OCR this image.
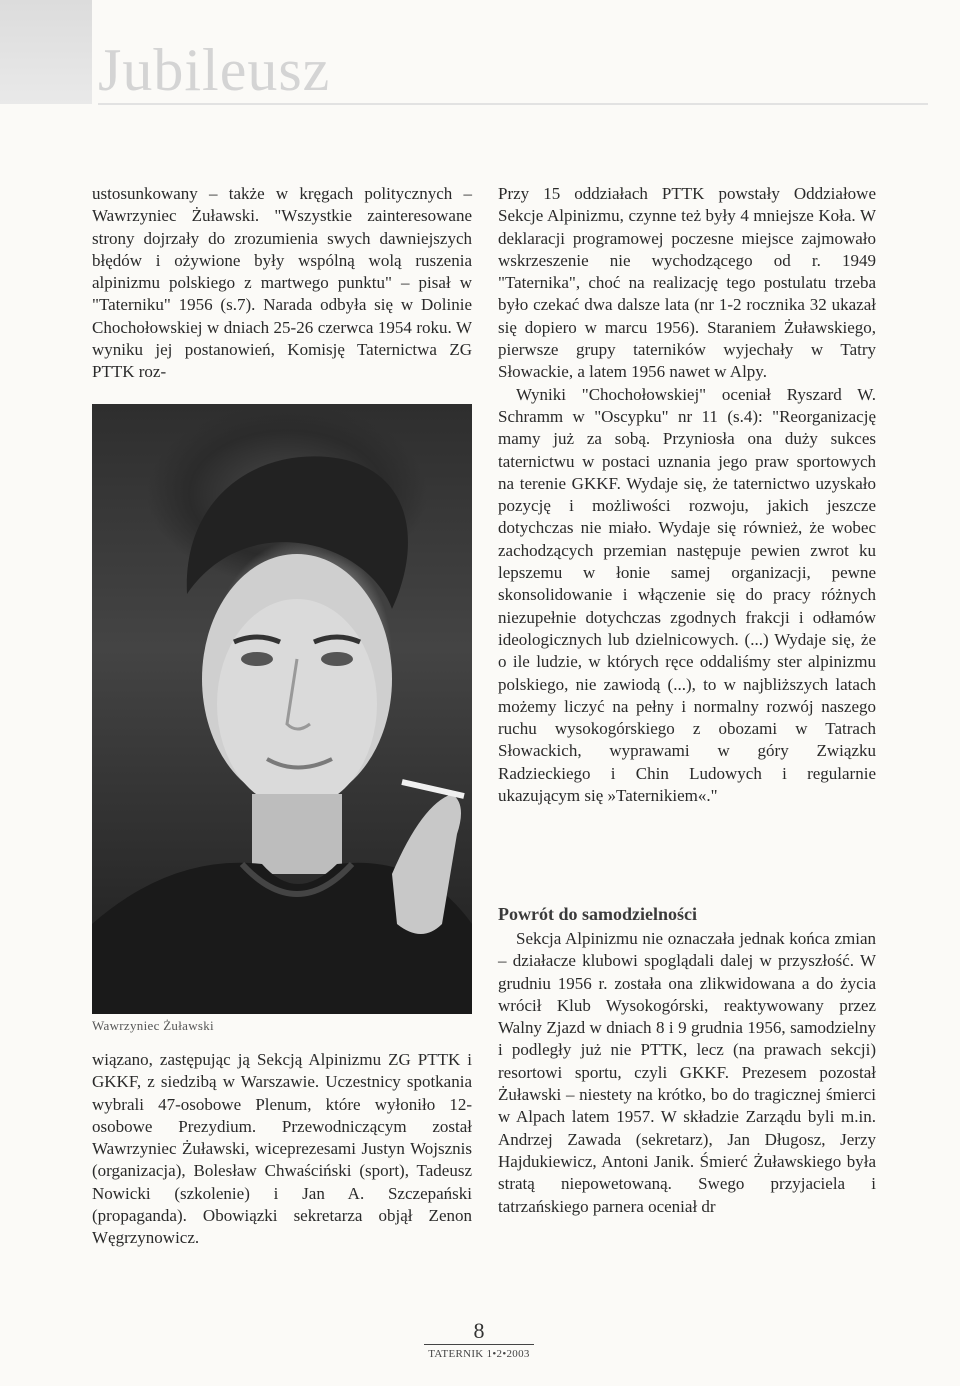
Jubileusz

ustosunkowany – także w kręgach politycznych – Wawrzyniec Żuławski. "Wszystkie zainteresowane strony dojrzały do zrozumienia swych dawniejszych błędów i ożywione były wspólną wolą ruszenia alpinizmu polskiego z martwego punktu" – pisał w "Taterniku" 1956 (s.7). Narada odbyła się w Dolinie Chochołowskiej w dniach 25-26 czerwca 1954 roku. W wyniku jej postanowień, Komisję Taternictwa ZG PTTK roz-

Wawrzyniec Żuławski

wiązano, zastępując ją Sekcją Alpinizmu ZG PTTK i GKKF, z siedzibą w Warszawie. Uczestnicy spotkania wybrali 47-osobowe Plenum, które wyłoniło 12-osobowe Prezydium. Przewodniczącym został Wawrzyniec Żuławski, wiceprezesami Justyn Wojsznis (organizacja), Bolesław Chwaściński (sport), Tadeusz Nowicki (szkolenie) i Jan A. Szczepański (propaganda). Obowiązki sekretarza objął Zenon Węgrzynowicz.

Przy 15 oddziałach PTTK powstały Oddziałowe Sekcje Alpinizmu, czynne też były 4 mniejsze Koła. W deklaracji programowej poczesne miejsce zajmowało wskrzeszenie nie wychodzącego od r. 1949 "Taternika", choć na realizację tego postulatu trzeba było czekać dwa dalsze lata (nr 1-2 rocznika 32 ukazał się dopiero w marcu 1956). Staraniem Żuławskiego, pierwsze grupy taterników wyjechały w Tatry Słowackie, a latem 1956 nawet w Alpy.

Wyniki "Chochołowskiej" oceniał Ryszard W. Schramm w "Oscypku" nr 11 (s.4): "Reorganizację mamy już za sobą. Przyniosła ona duży sukces taternictwu w postaci uznania jego praw sportowych na terenie GKKF. Wydaje się, że taternictwo uzyskało pozycję i możliwości rozwoju, jakich jeszcze dotychczas nie miało. Wydaje się również, że wobec zachodzących przemian następuje pewien zwrot ku lepszemu w łonie samej organizacji, pewne skonsolidowanie i włączenie się do pracy różnych niezupełnie dotychczas zgodnych frakcji i odłamów ideologicznych lub dzielnicowych. (...) Wydaje się, że o ile ludzie, w których ręce oddaliśmy ster alpinizmu polskiego, nie zawiodą (...), to w najbliższych latach możemy liczyć na pełny i normalny rozwój naszego ruchu wysokogórskiego z obozami w Tatrach Słowackich, wyprawami w góry Związku Radzieckiego i Chin Ludowych i regularnie ukazującym się »Taternikiem«."

Powrót do samodzielności

Sekcja Alpinizmu nie oznaczała jednak końca zmian – działacze klubowi spoglądali dalej w przyszłość. W grudniu 1956 r. została ona zlikwidowana a do życia wrócił Klub Wysokogórski, reaktywowany przez Walny Zjazd w dniach 8 i 9 grudnia 1956, samodzielny i podległy już nie PTTK, lecz (na prawach sekcji) resortowi sportu, czyli GKKF. Prezesem pozostał Żuławski – niestety na krótko, bo do tragicznej śmierci w Alpach latem 1957. W składzie Zarządu byli m.in. Andrzej Zawada (sekretarz), Jan Długosz, Jerzy Hajdukiewicz, Antoni Janik. Śmierć Żuławskiego była stratą niepowetowaną. Swego przyjaciela i tatrzańskiego parnera oceniał dr

8
TATERNIK 1•2•2003
